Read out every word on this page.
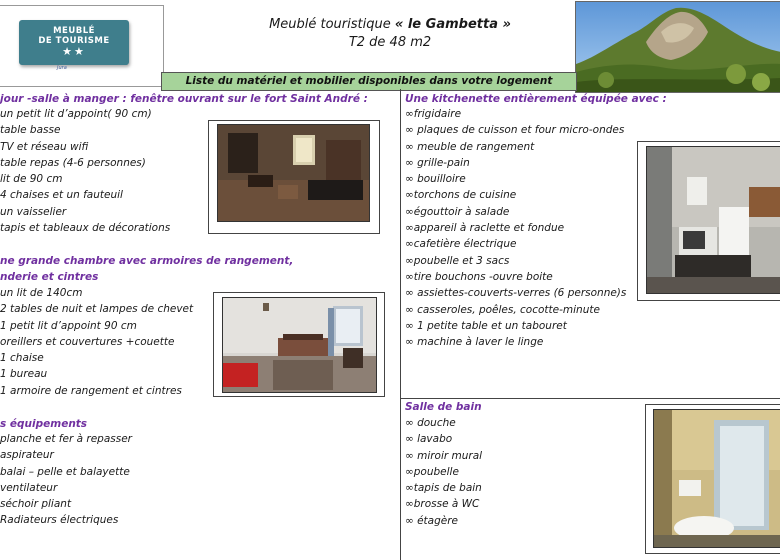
MEUBLÉ
DE TOURISME
★★
Jura
Meublé touristique « le Gambetta »
T2 de 48 m2
Liste du matériel et mobilier disponibles dans votre logement
jour -salle à manger : fenêtre ouvrant sur le fort Saint André :
un petit lit d’appoint( 90 cm)
table basse
TV et réseau wifi
table repas (4-6 personnes)
lit de 90 cm
4 chaises et un fauteuil
un vaisselier
tapis et tableaux de décorations
ne grande chambre avec armoires de rangement,
nderie et cintres
un lit de 140cm
2 tables de nuit et lampes de chevet
1 petit lit d’appoint 90 cm
oreillers et couvertures +couette
1 chaise
1 bureau
1 armoire de rangement et cintres
s équipements
planche et fer à repasser
aspirateur
balai – pelle et balayette
ventilateur
séchoir pliant
Radiateurs électriques
Une kitchenette entièrement équipée avec :
∞frigidaire
∞ plaques de cuisson et four micro-ondes
∞ meuble de rangement
∞ grille-pain
∞ bouilloire
∞torchons de cuisine
∞égouttoir à salade
∞appareil à raclette et fondue
∞cafetière électrique
∞poubelle et 3 sacs
∞tire bouchons -ouvre boite
∞ assiettes-couverts-verres (6 personne)s
∞ casseroles, poêles, cocotte-minute
∞ 1 petite table et un tabouret
∞ machine à laver le linge
Salle de bain
∞ douche
∞ lavabo
∞ miroir mural
∞poubelle
∞tapis de bain
∞brosse à WC
∞ étagère
